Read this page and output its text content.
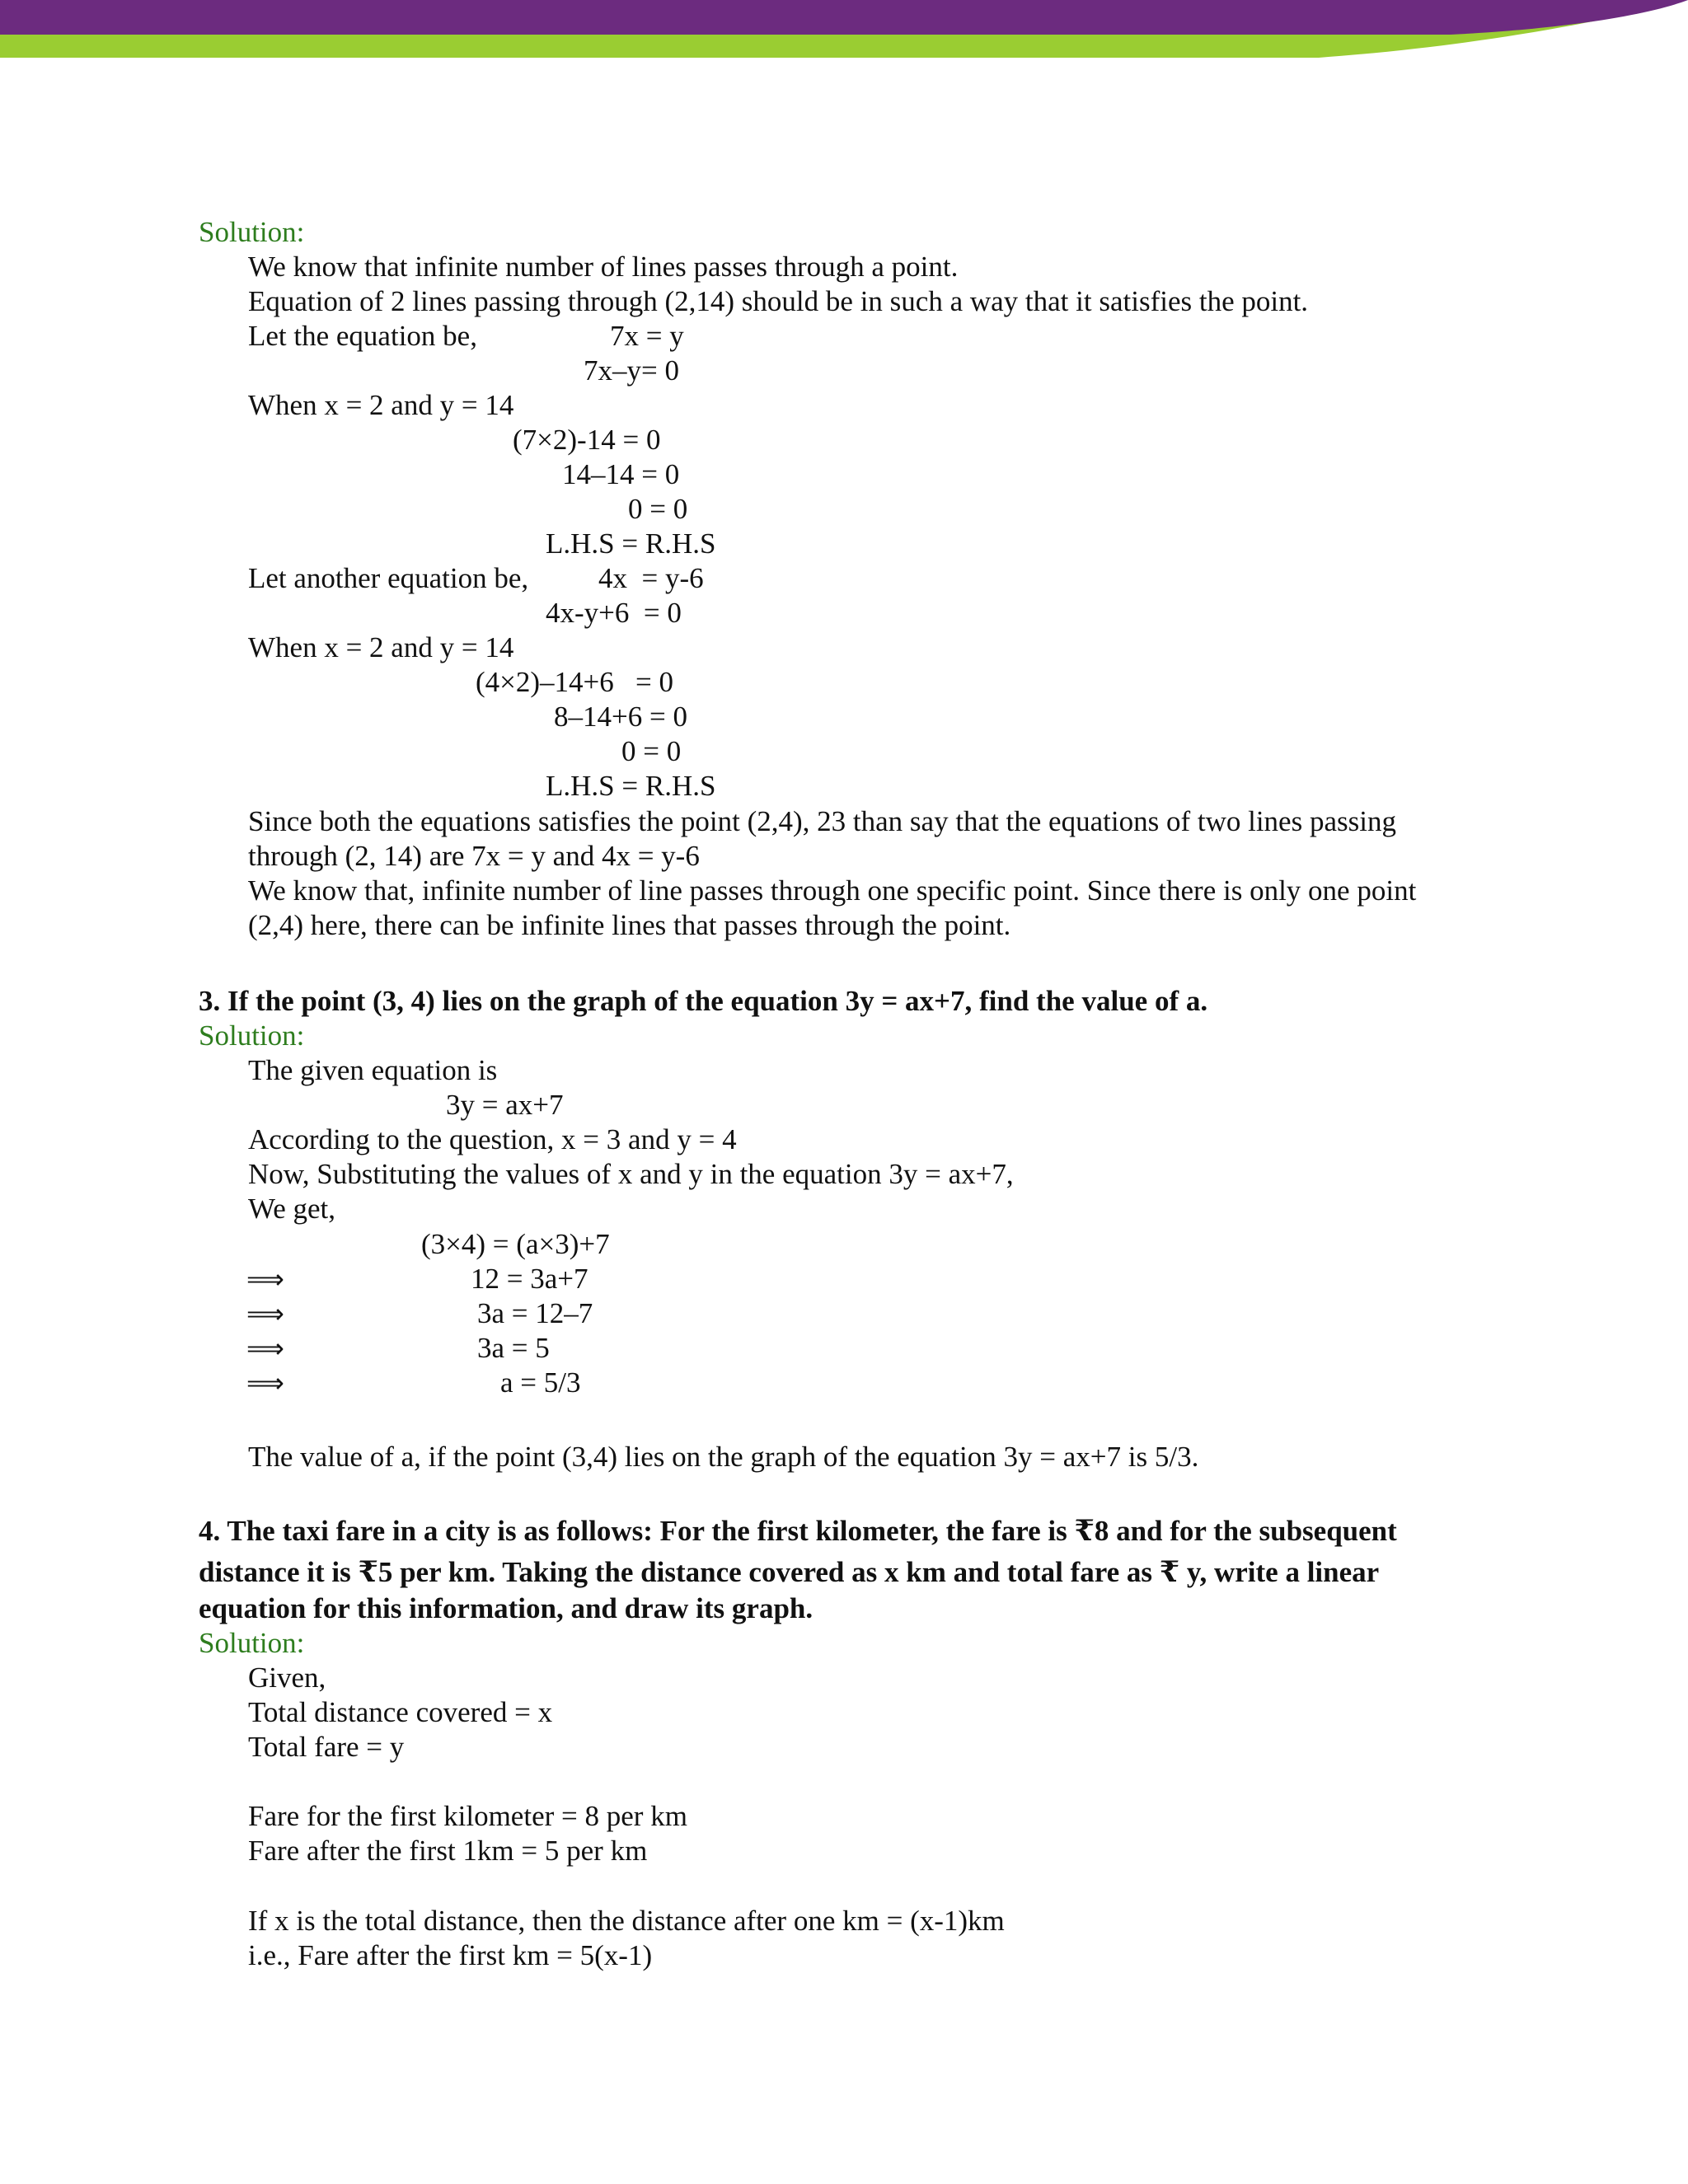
Solution:
We know that infinite number of lines passes through a point.
Equation of 2 lines passing through (2,14) should be in such a way that it satisfies the point.
Let the equation be,	7x = y
7x–y= 0
When x = 2 and y = 14
(7×2)-14 = 0
14–14 = 0
0 = 0
L.H.S = R.H.S
Let another equation be, 4x  = y-6
4x-y+6  = 0
When x = 2 and y = 14
(4×2)–14+6   = 0
8–14+6 = 0
0 = 0
L.H.S = R.H.S
Since both the equations satisfies the point (2,4), 23 than say that the equations of two lines passing
through (2, 14) are 7x = y and 4x = y-6
We know that, infinite number of line passes through one specific point. Since there is only one point
(2,4) here, there can be infinite lines that passes through the point.
3. If the point (3, 4) lies on the graph of the equation 3y = ax+7, find the value of a.
Solution:
The given equation is
3y = ax+7
According to the question, x = 3 and y = 4
Now, Substituting the values of x and y in the equation 3y = ax+7,
We get,
(3×4) = (a×3)+7
⟹	12 = 3a+7
⟹	3a = 12–7
⟹	3a = 5
⟹	a = 5/3
The value of a, if the point (3,4) lies on the graph of the equation 3y = ax+7 is 5/3.
4. The taxi fare in a city is as follows: For the first kilometer, the fare is ₹8 and for the subsequent
distance it is ₹5 per km. Taking the distance covered as x km and total fare as ₹ y, write a linear
equation for this information, and draw its graph.
Solution:
Given,
Total distance covered = x
Total fare = y
Fare for the first kilometer = 8 per km
Fare after the first 1km = 5 per km
If x is the total distance, then the distance after one km = (x-1)km
i.e., Fare after the first km = 5(x-1)
